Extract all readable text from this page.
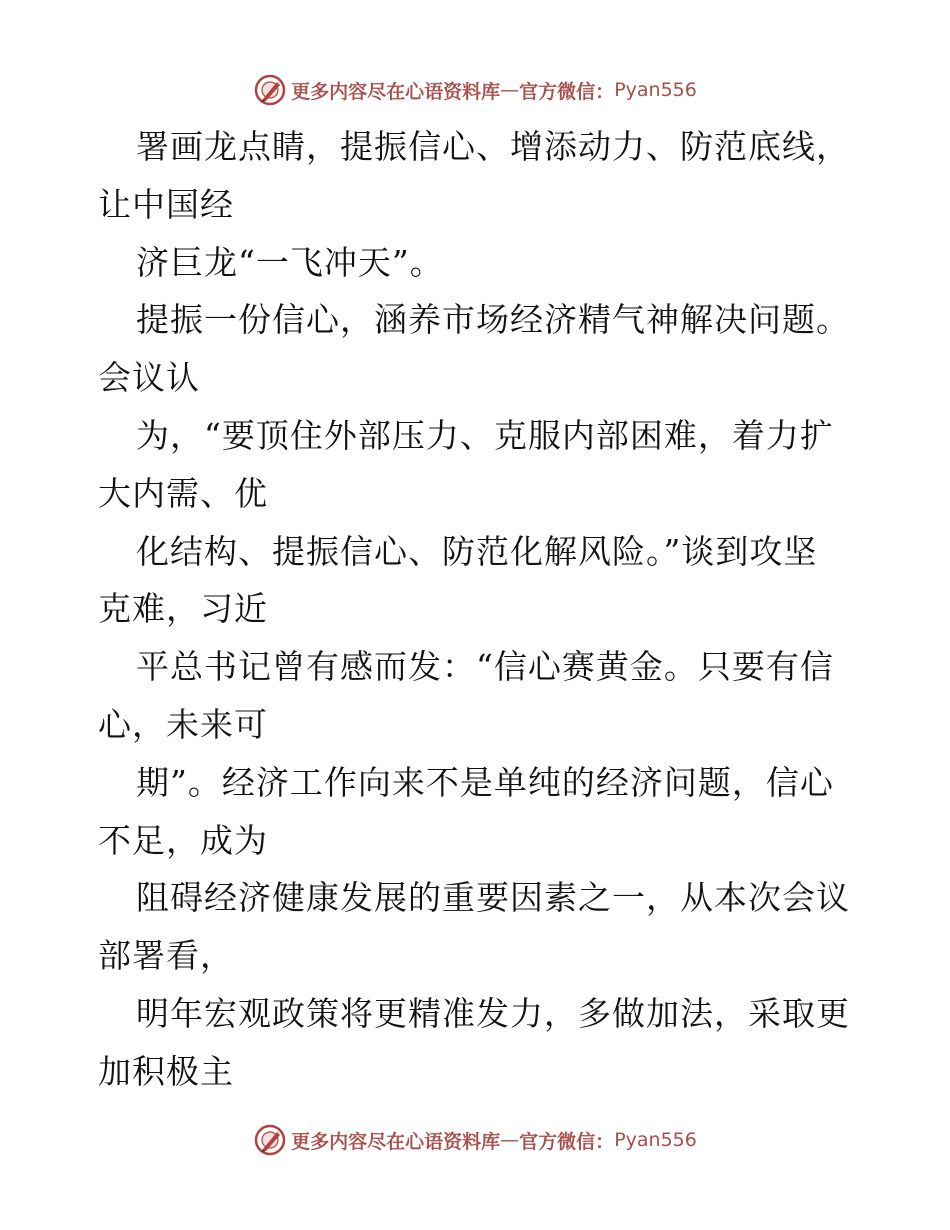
更多内容尽在心语资料库 — 官方微信： Pyan556
署画龙点睛，提振信心、增添动力、防范底线，
让中国经
济巨龙“一飞冲天”。
提振一份信心，涵养市场经济精气神解决问题。
会议认
为，“要顶住外部压力、克服内部困难，着力扩
大内需、优
化结构、提振信心、防范化解风险。”谈到攻坚
克难，习近
平总书记曾有感而发：“信心赛黄金。只要有信
心，未来可
期”。经济工作向来不是单纯的经济问题，信心
不足，成为
阻碍经济健康发展的重要因素之一，从本次会议
部署看，
明年宏观政策将更精准发力，多做加法，采取更
加积极主
更多内容尽在心语资料库 — 官方微信： Pyan556
